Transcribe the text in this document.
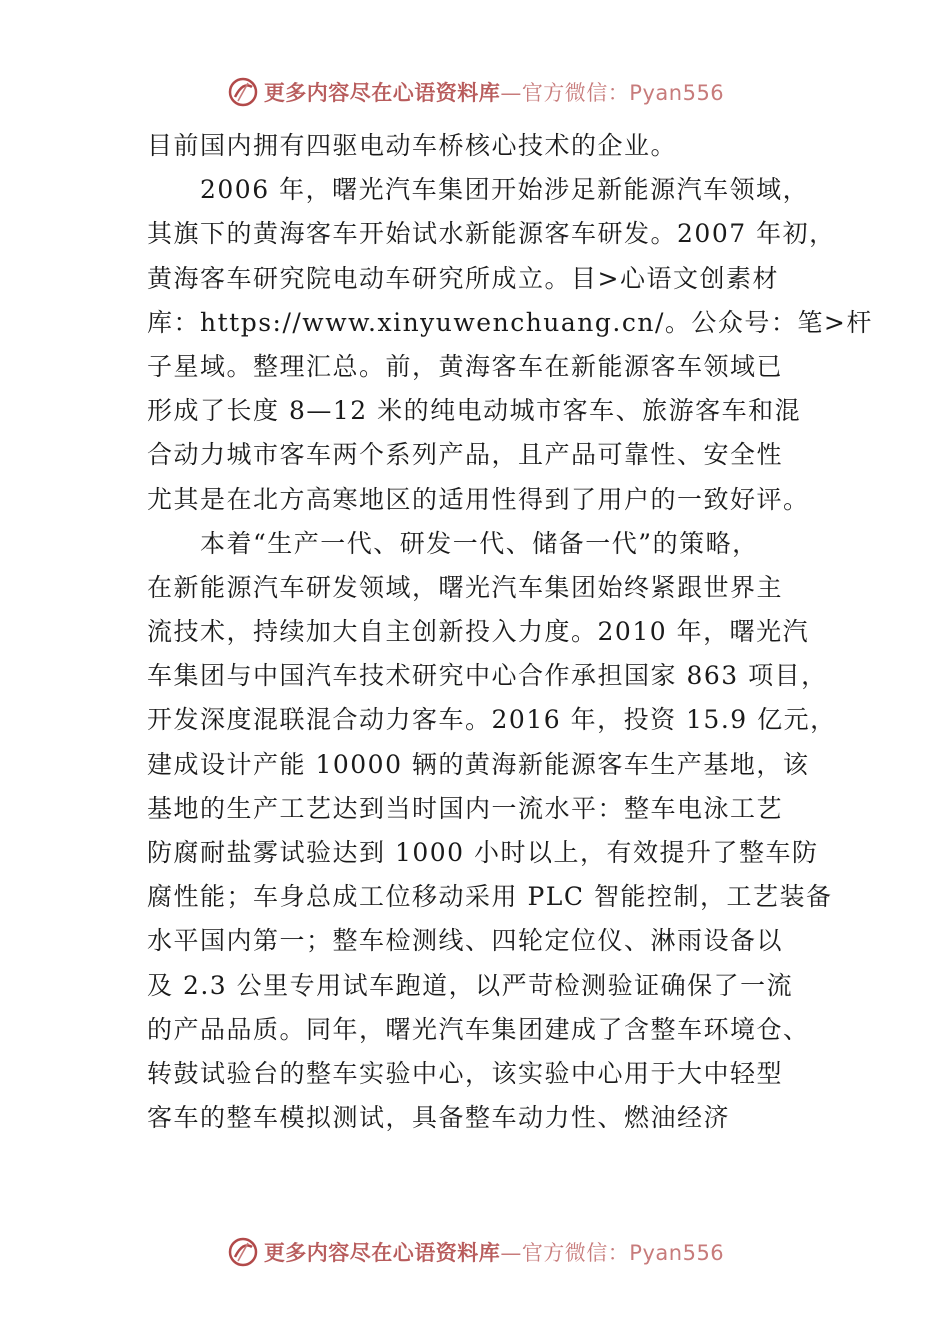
更多内容尽在心语资料库—官方微信：Pyan556
目前国内拥有四驱电动车桥核心技术的企业。
　　2006 年，曙光汽车集团开始涉足新能源汽车领域，
其旗下的黄海客车开始试水新能源客车研发。2007 年初，
黄海客车研究院电动车研究所成立。目>心语文创素材
库：https://www.xinyuwenchuang.cn/。公众号：笔>杆
子星域。整理汇总。前，黄海客车在新能源客车领域已
形成了长度 8—12 米的纯电动城市客车、旅游客车和混
合动力城市客车两个系列产品，且产品可靠性、安全性
尤其是在北方高寒地区的适用性得到了用户的一致好评。
　　本着“生产一代、研发一代、储备一代”的策略，
在新能源汽车研发领域，曙光汽车集团始终紧跟世界主
流技术，持续加大自主创新投入力度。2010 年，曙光汽
车集团与中国汽车技术研究中心合作承担国家 863 项目，
开发深度混联混合动力客车。2016 年，投资 15.9 亿元，
建成设计产能 10000 辆的黄海新能源客车生产基地，该
基地的生产工艺达到当时国内一流水平：整车电泳工艺
防腐耐盐雾试验达到 1000 小时以上，有效提升了整车防
腐性能；车身总成工位移动采用 PLC 智能控制，工艺装备
水平国内第一；整车检测线、四轮定位仪、淋雨设备以
及 2.3 公里专用试车跑道，以严苛检测验证确保了一流
的产品品质。同年，曙光汽车集团建成了含整车环境仓、
转鼓试验台的整车实验中心，该实验中心用于大中轻型
客车的整车模拟测试，具备整车动力性、燃油经济
更多内容尽在心语资料库—官方微信：Pyan556
